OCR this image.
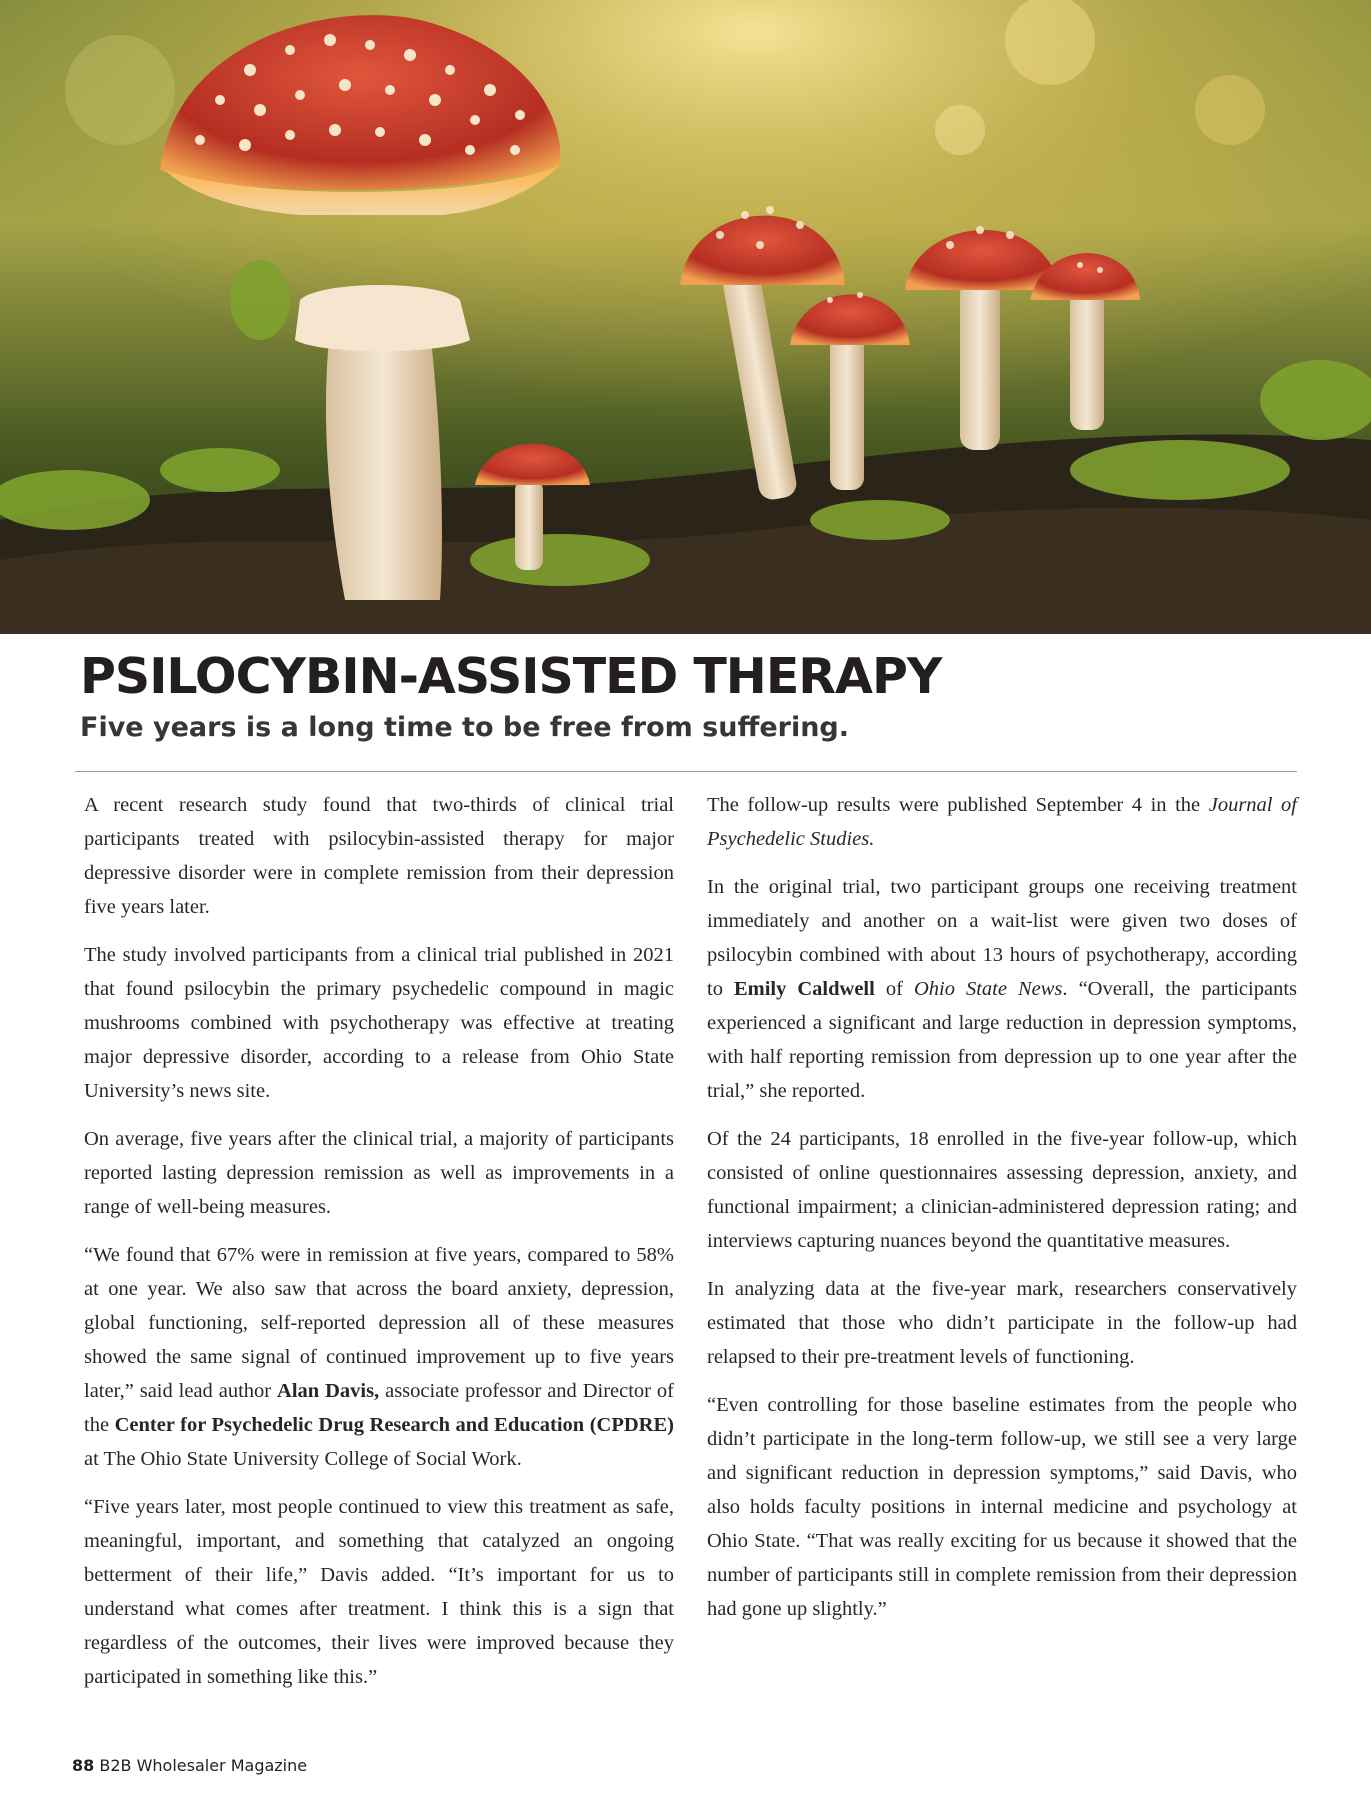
PSILOCYBIN-ASSISTED THERAPY
Five years is a long time to be free from suffering.

A recent research study found that two-thirds of clinical trial participants treated with psilocybin-assisted therapy for major depressive disorder were in complete remission from their depression five years later.

The study involved participants from a clinical trial published in 2021 that found psilocybin the primary psychedelic compound in magic mushrooms combined with psychotherapy was effective at treating major depressive disorder, according to a release from Ohio State University’s news site.

On average, five years after the clinical trial, a majority of participants reported lasting depression remission as well as improvements in a range of well-being measures.

“We found that 67% were in remission at five years, compared to 58% at one year. We also saw that across the board anxiety, depression, global functioning, self-reported depression all of these measures showed the same signal of continued improvement up to five years later,” said lead author Alan Davis, associate professor and Director of the Center for Psychedelic Drug Research and Education (CPDRE) at The Ohio State University College of Social Work.

“Five years later, most people continued to view this treatment as safe, meaningful, important, and something that catalyzed an ongoing betterment of their life,” Davis added. “It’s important for us to understand what comes after treatment. I think this is a sign that regardless of the outcomes, their lives were improved because they participated in something like this.”

The follow-up results were published September 4 in the Journal of Psychedelic Studies.

In the original trial, two participant groups one receiving treatment immediately and another on a wait-list were given two doses of psilocybin combined with about 13 hours of psychotherapy, according to Emily Caldwell of Ohio State News. “Overall, the participants experienced a significant and large reduction in depression symptoms, with half reporting remission from depression up to one year after the trial,” she reported.

Of the 24 participants, 18 enrolled in the five-year follow-up, which consisted of online questionnaires assessing depression, anxiety, and functional impairment; a clinician-administered depression rating; and interviews capturing nuances beyond the quantitative measures.

In analyzing data at the five-year mark, researchers conservatively estimated that those who didn’t participate in the follow-up had relapsed to their pre-treatment levels of functioning.

“Even controlling for those baseline estimates from the people who didn’t participate in the long-term follow-up, we still see a very large and significant reduction in depression symptoms,” said Davis, who also holds faculty positions in internal medicine and psychology at Ohio State. “That was really exciting for us because it showed that the number of participants still in complete remission from their depression had gone up slightly.”

88 B2B Wholesaler Magazine
